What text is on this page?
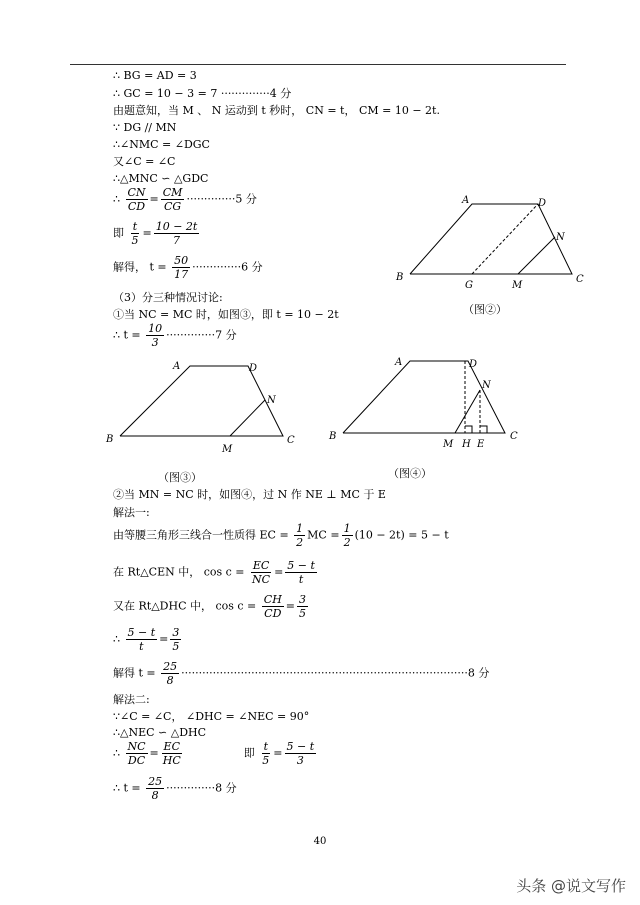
∴ BG = AD = 3
∴ GC = 10 − 3 = 7 ··············4 分
由题意知，当 M 、 N 运动到 t 秒时， CN = t， CM = 10 − 2t.
∵ DG // MN
∴∠NMC = ∠DGC
又∠C = ∠C
∴△MNC ∽ △GDC
∴ $\frac{CN}{CD} = \frac{CM}{CG} \cdot\cdot\cdot\cdot\cdot\cdot\cdot\cdot\cdot\cdot\cdot\cdot\cdot\cdot 5$ 分
即 $\frac{t}{5} = \frac{10 - 2t}{7}$
解得， $t = \frac{50}{17} \cdot\cdot\cdot\cdot\cdot\cdot\cdot\cdot\cdot\cdot\cdot\cdot\cdot\cdot 6$ 分
（3）分三种情况讨论:
①当 NC = MC 时，如图③，即 t = 10 − 2t
∴ $t = \frac{10}{3} \cdot\cdot\cdot\cdot\cdot\cdot\cdot\cdot\cdot\cdot\cdot\cdot\cdot\cdot 7$ 分
A	D
N
B
G	M
C
（图②）
A	D
N
B
M
C
（图③）
A	D
N
B
M H E
C
（图④）
②当 MN = NC 时，如图④，过 N 作 NE ⊥ MC 于 E
解法一:
由等腰三角形三线合一性质得 EC = $\frac{1}{2}$ MC = $\frac{1}{2} (10 - 2t) = 5 - t$
在 Rt△CEN 中， $\cos c = \frac{EC}{NC} = \frac{5 - t}{t}$
又在 Rt△DHC 中， $\cos c = \frac{CH}{CD} = \frac{3}{5}$
∴ $\frac{5 - t}{t} = \frac{3}{5}$
解得 $t = \frac{25}{8} \cdot\cdot\cdot\cdot\cdot\cdot\cdot\cdot\cdot\cdot\cdot\cdot\cdot\cdot\cdot\cdot\cdot\cdot\cdot\cdot\cdot\cdot\cdot\cdot\cdot\cdot\cdot\cdot\cdot\cdot\cdot\cdot\cdot\cdot\cdot\cdot\cdot\cdot\cdot\cdot\cdot\cdot\cdot\cdot\cdot\cdot\cdot\cdot\cdot\cdot\cdot\cdot\cdot\cdot\cdot\cdot\cdot\cdot\cdot\cdot\cdot\cdot\cdot\cdot\cdot\cdot\cdot\cdot\cdot\cdot\cdot\cdot\cdot\cdot\cdot\cdot\cdot\cdot\cdot\cdot\cdot\cdot 8$ 分
解法二:
∵∠C = ∠C， ∠DHC = ∠NEC = 90°
∴△NEC ∽ △DHC
∴ $\frac{NC}{DC} = \frac{EC}{HC}$	即 $\frac{t}{5} = \frac{5 - t}{3}$
∴ $t = \frac{25}{8} \cdot\cdot\cdot\cdot\cdot\cdot\cdot\cdot\cdot\cdot\cdot\cdot\cdot\cdot 8$ 分
40
头条 @说文写作
